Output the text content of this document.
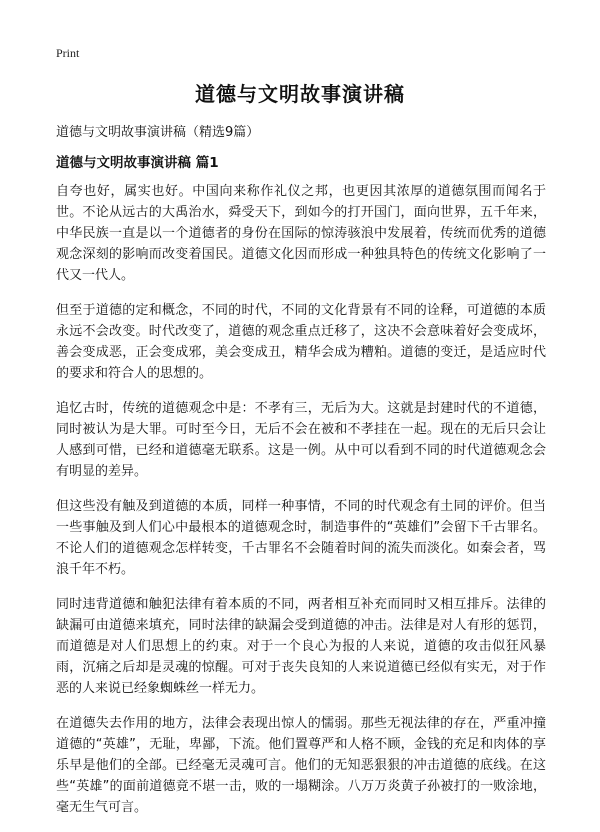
Print
道德与文明故事演讲稿

道德与文明故事演讲稿（精选9篇）

道德与文明故事演讲稿 篇1

自夸也好，属实也好。中国向来称作礼仪之邦，也更因其浓厚的道德氛围而闻名于世。不论从远古的大禹治水，舜受天下，到如今的打开国门，面向世界，五千年来，中华民族一直是以一个道德者的身份在国际的惊涛骇浪中发展着，传统而优秀的道德观念深刻的影响而改变着国民。道德文化因而形成一种独具特色的传统文化影响了一代又一代人。

但至于道德的定和概念，不同的时代，不同的文化背景有不同的诠释，可道德的本质永远不会改变。时代改变了，道德的观念重点迁移了，这决不会意味着好会变成坏，善会变成恶，正会变成邪，美会变成丑，精华会成为糟粕。道德的变迁，是适应时代的要求和符合人的思想的。

追忆古时，传统的道德观念中是：不孝有三，无后为大。这就是封建时代的不道德，同时被认为是大罪。可时至今日，无后不会在被和不孝挂在一起。现在的无后只会让人感到可惜，已经和道德毫无联系。这是一例。从中可以看到不同的时代道德观念会有明显的差异。

但这些没有触及到道德的本质，同样一种事情，不同的时代观念有土同的评价。但当一些事触及到人们心中最根本的道德观念时，制造事件的“英雄们”会留下千古罪名。不论人们的道德观念怎样转变，千古罪名不会随着时间的流失而淡化。如秦会者，骂浪千年不朽。

同时违背道德和触犯法律有着本质的不同，两者相互补充而同时又相互排斥。法律的缺漏可由道德来填充，同时法律的缺漏会受到道德的冲击。法律是对人有形的惩罚，而道德是对人们思想上的约束。对于一个良心为报的人来说，道德的攻击似狂风暴雨，沉痛之后却是灵魂的惊醒。可对于丧失良知的人来说道德已经似有实无，对于作恶的人来说已经象蜘蛛丝一样无力。

在道德失去作用的地方，法律会表现出惊人的懦弱。那些无视法律的存在，严重冲撞道德的“英雄”，无耻，卑鄙，下流。他们置尊严和人格不顾，金钱的充足和肉体的享乐早是他们的全部。已经毫无灵魂可言。他们的无知恶狠狠的冲击道德的底线。在这些“英雄”的面前道德竟不堪一击，败的一塌糊涂。八万万炎黄子孙被打的一败涂地，毫无生气可言。
